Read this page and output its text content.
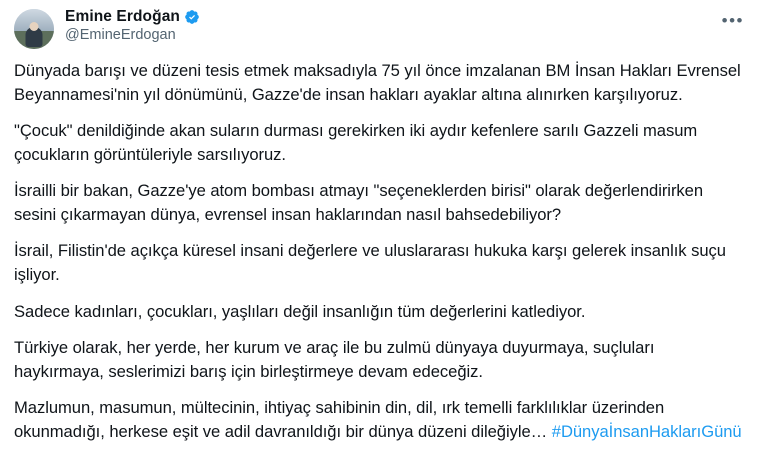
Emine Erdoğan
@EmineErdogan
•••

Dünyada barışı ve düzeni tesis etmek maksadıyla 75 yıl önce imzalanan BM İnsan Hakları Evrensel Beyannamesi'nin yıl dönümünü, Gazze'de insan hakları ayaklar altına alınırken karşılıyoruz.

"Çocuk" denildiğinde akan suların durması gerekirken iki aydır kefenlere sarılı Gazzeli masum çocukların görüntüleriyle sarsılıyoruz.

İsrailli bir bakan, Gazze'ye atom bombası atmayı "seçeneklerden birisi" olarak değerlendirirken sesini çıkarmayan dünya, evrensel insan haklarından nasıl bahsedebiliyor?

İsrail, Filistin'de açıkça küresel insani değerlere ve uluslararası hukuka karşı gelerek insanlık suçu işliyor.

Sadece kadınları, çocukları, yaşlıları değil insanlığın tüm değerlerini katlediyor.

Türkiye olarak, her yerde, her kurum ve araç ile bu zulmü dünyaya duyurmaya, suçluları haykırmaya, seslerimizi barış için birleştirmeye devam edeceğiz.

Mazlumun, masumun, mültecinin, ihtiyaç sahibinin din, dil, ırk temelli farklılıklar üzerinden okunmadığı, herkese eşit ve adil davranıldığı bir dünya düzeni dileğiyle… #DünyaİnsanHaklarıGünü
